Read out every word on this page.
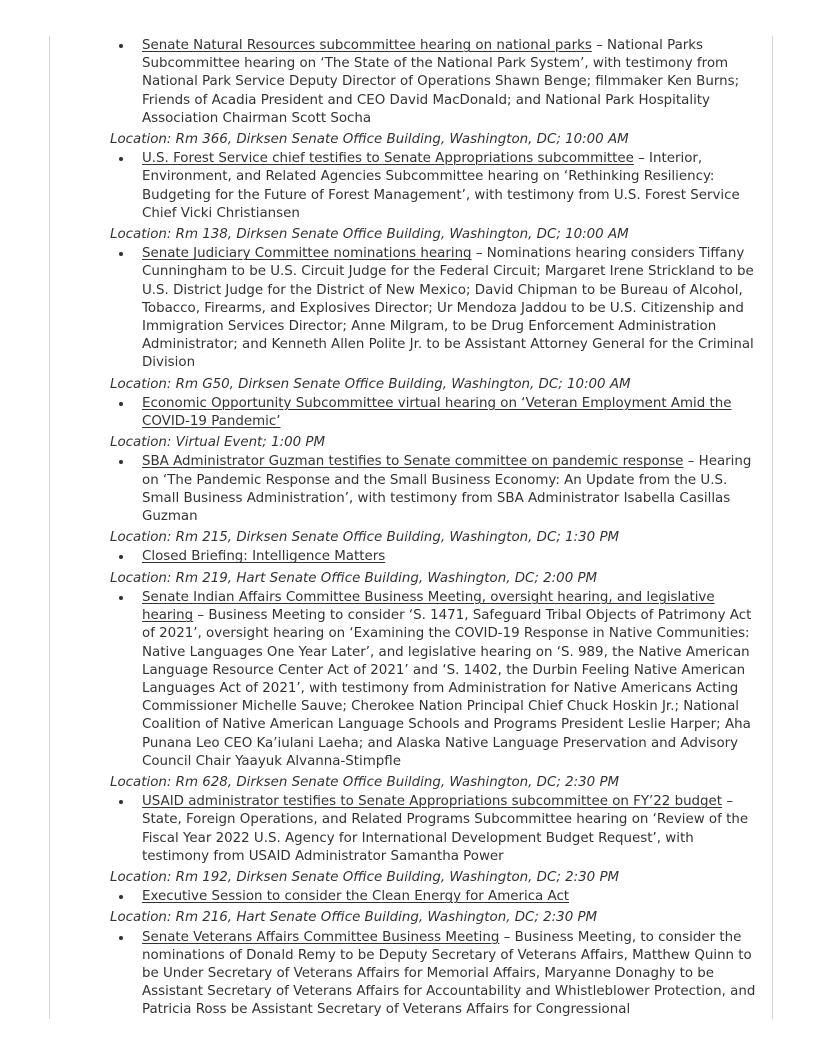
Senate Natural Resources subcommittee hearing on national parks – National Parks Subcommittee hearing on ‘The State of the National Park System’, with testimony from National Park Service Deputy Director of Operations Shawn Benge; filmmaker Ken Burns; Friends of Acadia President and CEO David MacDonald; and National Park Hospitality Association Chairman Scott Socha

Location: Rm 366, Dirksen Senate Office Building, Washington, DC; 10:00 AM

U.S. Forest Service chief testifies to Senate Appropriations subcommittee – Interior, Environment, and Related Agencies Subcommittee hearing on ‘Rethinking Resiliency: Budgeting for the Future of Forest Management’, with testimony from U.S. Forest Service Chief Vicki Christiansen

Location: Rm 138, Dirksen Senate Office Building, Washington, DC; 10:00 AM

Senate Judiciary Committee nominations hearing – Nominations hearing considers Tiffany Cunningham to be U.S. Circuit Judge for the Federal Circuit; Margaret Irene Strickland to be U.S. District Judge for the District of New Mexico; David Chipman to be Bureau of Alcohol, Tobacco, Firearms, and Explosives Director; Ur Mendoza Jaddou to be U.S. Citizenship and Immigration Services Director; Anne Milgram, to be Drug Enforcement Administration Administrator; and Kenneth Allen Polite Jr. to be Assistant Attorney General for the Criminal Division

Location: Rm G50, Dirksen Senate Office Building, Washington, DC; 10:00 AM

Economic Opportunity Subcommittee virtual hearing on ‘Veteran Employment Amid the COVID-19 Pandemic’

Location: Virtual Event; 1:00 PM

SBA Administrator Guzman testifies to Senate committee on pandemic response – Hearing on ‘The Pandemic Response and the Small Business Economy: An Update from the U.S. Small Business Administration’, with testimony from SBA Administrator Isabella Casillas Guzman

Location: Rm 215, Dirksen Senate Office Building, Washington, DC; 1:30 PM

Closed Briefing: Intelligence Matters

Location: Rm 219, Hart Senate Office Building, Washington, DC; 2:00 PM

Senate Indian Affairs Committee Business Meeting, oversight hearing, and legislative hearing – Business Meeting to consider ‘S. 1471, Safeguard Tribal Objects of Patrimony Act of 2021’, oversight hearing on ‘Examining the COVID-19 Response in Native Communities: Native Languages One Year Later’, and legislative hearing on ‘S. 989, the Native American Language Resource Center Act of 2021’ and ‘S. 1402, the Durbin Feeling Native American Languages Act of 2021’, with testimony from Administration for Native Americans Acting Commissioner Michelle Sauve; Cherokee Nation Principal Chief Chuck Hoskin Jr.; National Coalition of Native American Language Schools and Programs President Leslie Harper; Aha Punana Leo CEO Ka’iulani Laeha; and Alaska Native Language Preservation and Advisory Council Chair Yaayuk Alvanna-Stimpfle

Location: Rm 628, Dirksen Senate Office Building, Washington, DC; 2:30 PM

USAID administrator testifies to Senate Appropriations subcommittee on FY’22 budget – State, Foreign Operations, and Related Programs Subcommittee hearing on ‘Review of the Fiscal Year 2022 U.S. Agency for International Development Budget Request’, with testimony from USAID Administrator Samantha Power

Location: Rm 192, Dirksen Senate Office Building, Washington, DC; 2:30 PM

Executive Session to consider the Clean Energy for America Act

Location: Rm 216, Hart Senate Office Building, Washington, DC; 2:30 PM

Senate Veterans Affairs Committee Business Meeting – Business Meeting, to consider the nominations of Donald Remy to be Deputy Secretary of Veterans Affairs, Matthew Quinn to be Under Secretary of Veterans Affairs for Memorial Affairs, Maryanne Donaghy to be Assistant Secretary of Veterans Affairs for Accountability and Whistleblower Protection, and Patricia Ross be Assistant Secretary of Veterans Affairs for Congressional
